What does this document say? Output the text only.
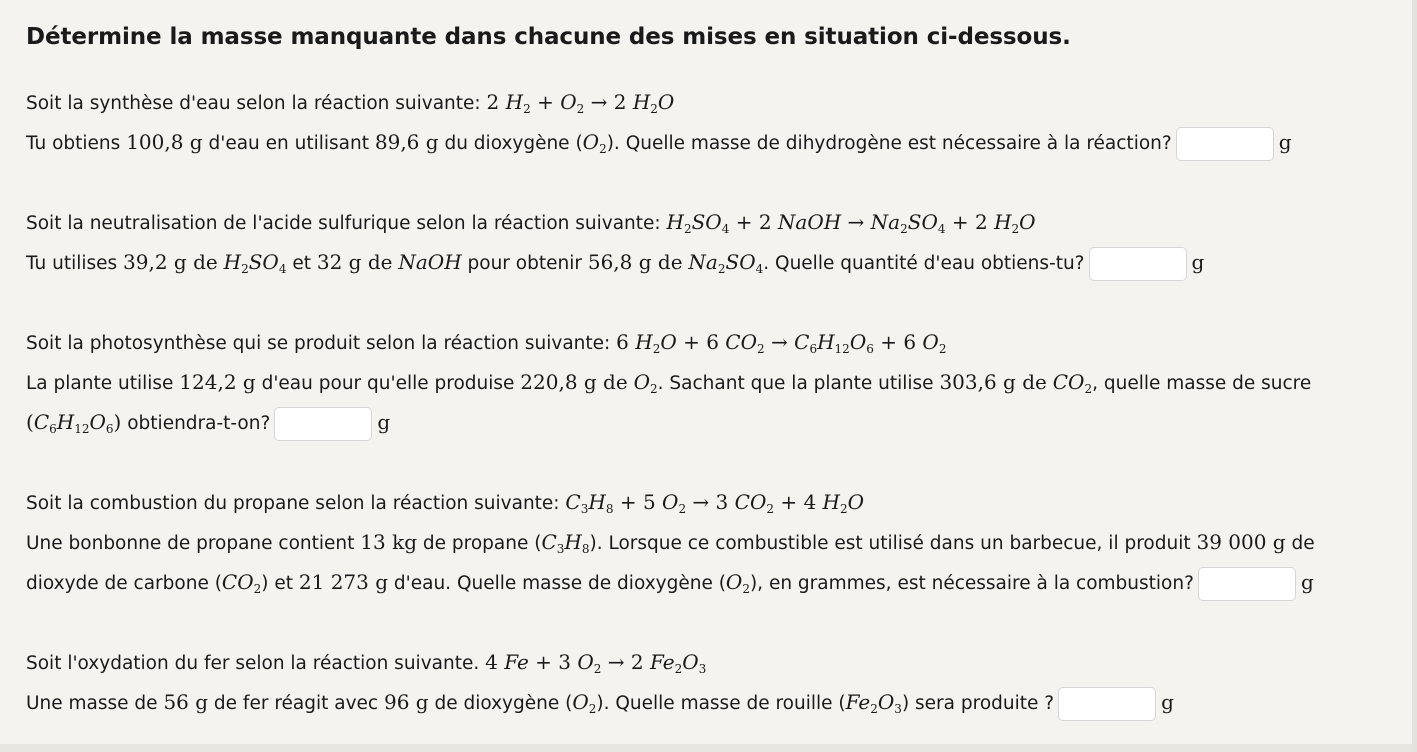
Détermine la masse manquante dans chacune des mises en situation ci-dessous.

Soit la synthèse d'eau selon la réaction suivante: 2 $H_2 + O_2 \to 2$ $H_2O$

Tu obtiens 100,8 g d'eau en utilisant 89,6 g du dioxygène $(O_2)$. Quelle masse de dihydrogène est nécessaire à la réaction?	g

Soit la neutralisation de l'acide sulfurique selon la réaction suivante: $H_2SO_4 + 2$ NaOH → $Na_2SO_4 + 2$ $H_2O$

Tu utilises 39,2 g de $H_2SO_4$ et 32 g de NaOH pour obtenir 56,8 g de $Na_2SO_4$. Quelle quantité d'eau obtiens-tu?	g

Soit la photosynthèse qui se produit selon la réaction suivante: 6 $H_2O + 6$ $CO_2 \to C_6H_{12}O_6 + 6$ $O_2$

La plante utilise 124,2 g d'eau pour qu'elle produise 220,8 g de $O_2$. Sachant que la plante utilise 303,6 g de $CO_2$, quelle masse de sucre

$(C_6H_{12}O_6)$ obtiendra-t-on?	g

Soit la combustion du propane selon la réaction suivante: $C_3H_8 + 5$ $O_2 \to 3$ $CO_2 + 4$ $H_2O$

Une bonbonne de propane contient 13 kg de propane $(C_3H_8)$. Lorsque ce combustible est utilisé dans un barbecue, il produit 39 000 g de

dioxyde de carbone $(CO_2)$ et 21 273 g d'eau. Quelle masse de dioxygène $(O_2)$, en grammes, est nécessaire à la combustion?	g

Soit l'oxydation du fer selon la réaction suivante. 4 Fe + 3 $O_2 \to 2$ $Fe_2O_3$

Une masse de 56 g de fer réagit avec 96 g de dioxygène $(O_2)$. Quelle masse de rouille $(Fe_2O_3)$ sera produite ?	g
